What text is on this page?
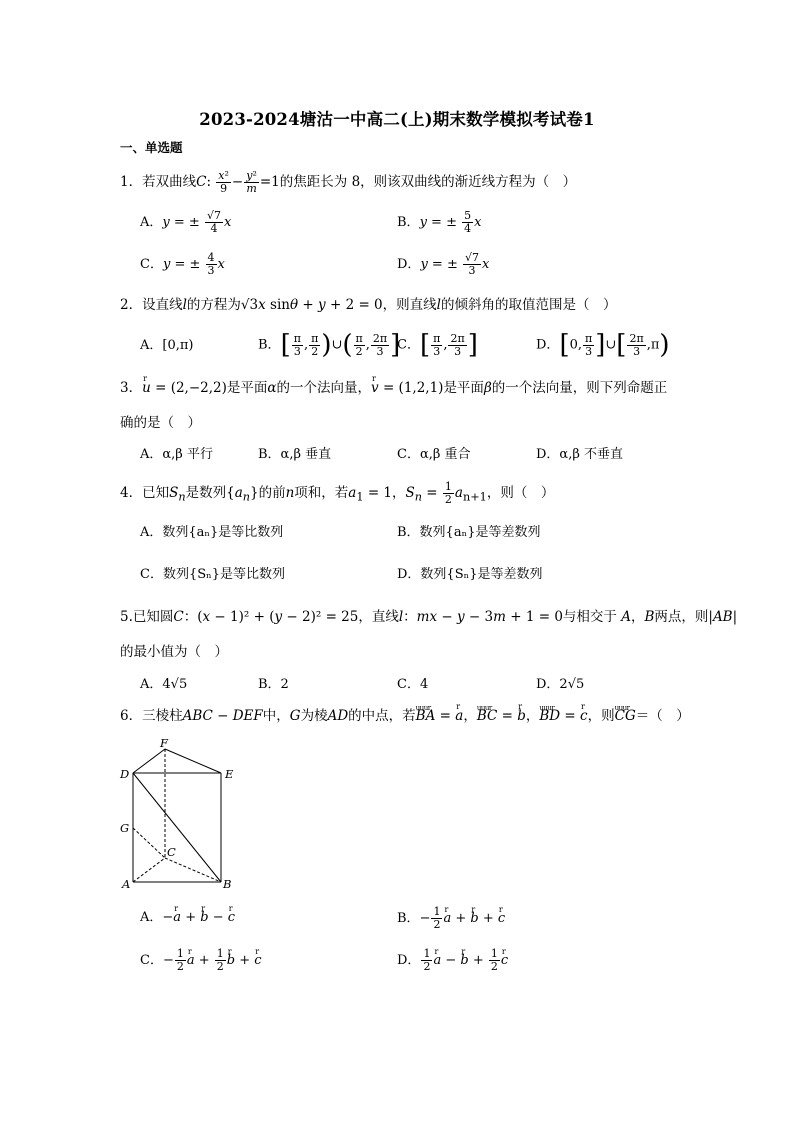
2023-2024塘沽一中高二(上)期末数学模拟考试卷1
一、单选题
1．若双曲线C: $\frac{\text{x²}}{9} - \frac{\text{y²}}{m} =1$的焦距长为 8，则该双曲线的渐近线方程为（　）
A．y = ± $\frac{√7}{4}$ x	B．y = ± $\frac{5}{4}$ x
C．y = ± $\frac{4}{3}$ x	D．y = ± $\frac{√7}{3}$ x
2．设直线l的方程为√3x sinθ + y + 2 = 0，则直线l的倾斜角的取值范围是（　）
A．[0,π)	B．[ $\frac{\pi}{3}$ , $\frac{\pi}{2}$ )∪( $\frac{\pi}{2}$ , $\frac{2\pi}{3}$ ]
C．[ $\frac{\pi}{3}$ , $\frac{2\pi}{3}$ ]	D．[0, $\frac{\pi}{3}$ ]∪[ $\frac{2\pi}{3} ,\pi$)
3．r u = (2,−2,2)是平面α的一个法向量，r v = (1,2,1)是平面β的一个法向量，则下列命题正
确的是（　）
A．α,β 平行	B．α,β 垂直	C．α,β 重合	D．α,β 不垂直
4．已知$S_n$是数列$\{a_n\}$的前n项和，若$a_1 = 1$，$S_n = \frac{1}{2} a_{n+1}$，则（　）
A．数列{aₙ}是等比数列	B．数列{aₙ}是等差数列
C．数列{Sₙ}是等比数列	D．数列{Sₙ}是等差数列
5.已知圆C：(x − 1)² + (y − 2)² = 25，直线l：mx − y − 3m + 1 = 0与相交于 A，B两点，则|AB|
的最小值为（　）
A．4√5	B．2	C．4	D．2√5
6．三棱柱ABC − DEF中，G为棱AD的中点，若uuur BA = r a，uuur BC = r b，uuur BD = r c，则uuur CG＝（　）
F
D	E
G
C
A	B
A．−r a + r b − r c	B．− $\frac{1}{2}$ r a + r b + r c
C．− $\frac{1}{2}$ r $a + \frac{1}{2}$ r b + r c	D． $\frac{1}{2}$ r a − r $b + \frac{1}{2}$ r c
